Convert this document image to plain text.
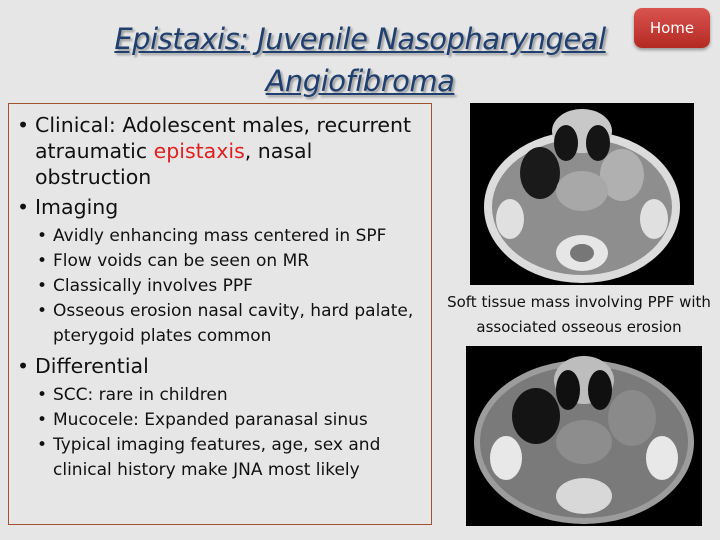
Epistaxis: Juvenile Nasopharyngeal Angiofibroma
Home
• Clinical: Adolescent males, recurrent atraumatic epistaxis, nasal obstruction
• Imaging
• Avidly enhancing mass centered in SPF
• Flow voids can be seen on MR
• Classically involves PPF
• Osseous erosion nasal cavity, hard palate, pterygoid plates common
• Differential
• SCC: rare in children
• Mucocele: Expanded paranasal sinus
• Typical imaging features, age, sex and clinical history make JNA most likely
Soft tissue mass involving PPF with associated osseous erosion
